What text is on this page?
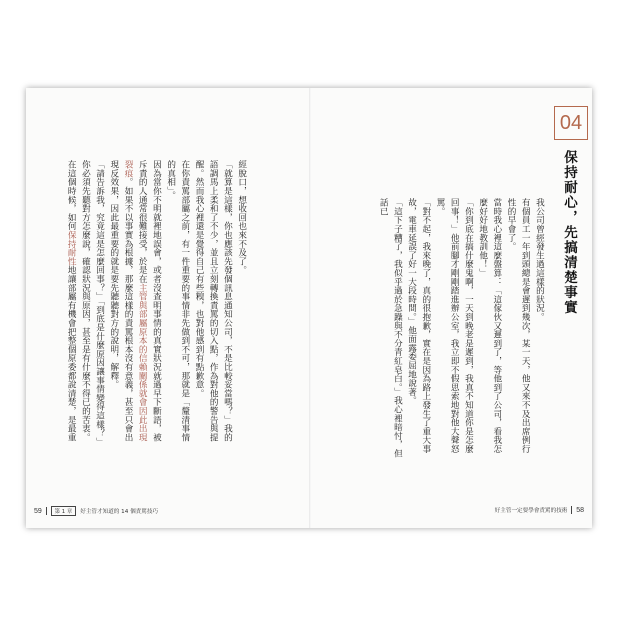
04
保持耐心，先搞清楚事實
我公司曾經發生過這樣的狀況。
有個員工一年到頭總是會遲到幾次，某一天，他又來不及出席例行性的早會了。
當時我心裡這麼盤算：「這傢伙又遲到了，等他到了公司，看我怎麼好好地教訓他！」
「你到底在搞什麼鬼啊，一天到晚老是遲到，我真不知道你是怎麼回事！」他前腳才剛剛踏進辦公室，我立即不假思索地對他大聲怒罵。
「對不起，我來晚了，真的很抱歉，實在是因為路上發生了重大事故，電車延誤了好一大段時間。」他面露委屈地說著。
「這下子糟了，我似乎過於急躁與不分青紅皂白。」我心裡暗忖，但話已
好主管一定要學會責罵的技術 58

經脫口，想收回也來不及了。
「就算是這樣，你也應該先發個訊息通知公司，不是比較妥當嗎？」我的語調馬上柔和了不少，並且立刻轉換責罵的切入點，作為對他的警告與提醒。然而我心裡還是覺得自己有些糗，也對他感到有點歉意。
在你責罵部屬之前，有一件重要的事情非先做到不可，那就是「釐清事情的真相」。
因為當你不明就裡地誤會，或者沒查明事情的真實狀況就過早下斷語，被斥責的人通常很難接受，於是在主管與部屬原本的信賴關係就會因此出現裂痕。如果不以事實為根據，那麼這樣的責罵根本沒有意義，甚至只會出現反效果，因此最重要的就是要先聽聽對方的說明，解釋。
「請告訴我，究竟這是怎麼回事？」「到底是什麼原因讓事情變得這樣？」你必須先聽對方怎麼說，確認狀況與原因，甚至是有什麼不得已的苦衷。
在這個時候，如何保持耐性地讓部屬有機會把整個原委都說清楚，是最重

59	第 1 章	好主管才知道的 14 個責罵技巧
